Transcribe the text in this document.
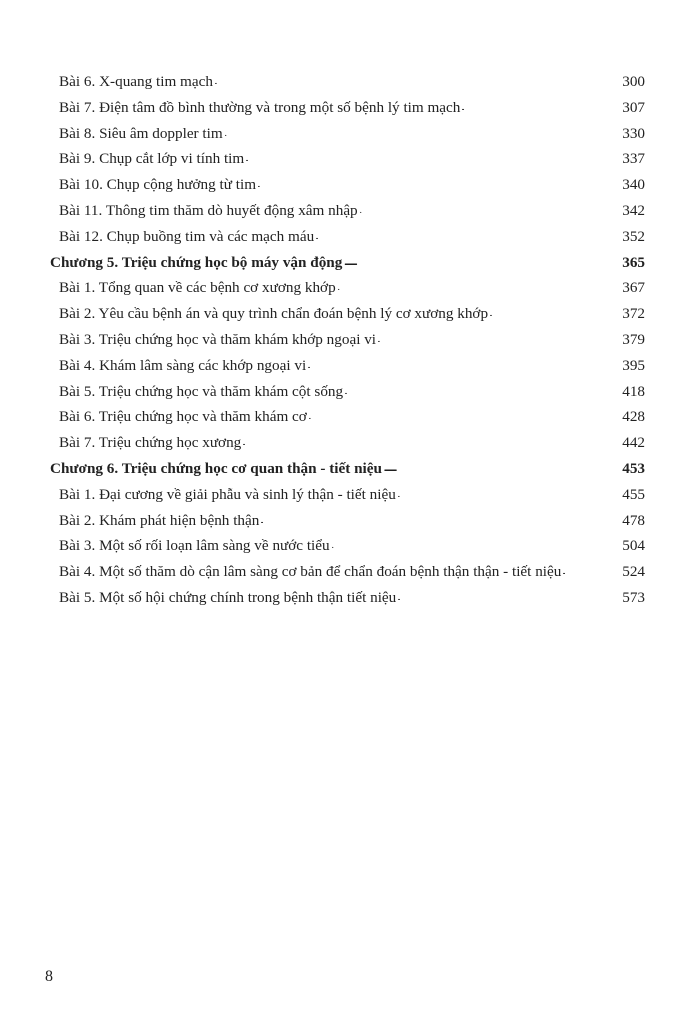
Bài 6. X-quang tim mạch . . .	300
Bài 7. Điện tâm đồ bình thường và trong một số bệnh lý tim mạch . . .	307
Bài 8. Siêu âm doppler tim . . .	330
Bài 9. Chụp cắt lớp vi tính tim . . .	337
Bài 10. Chụp cộng hưởng từ tim . . .	340
Bài 11. Thông tim thăm dò huyết động xâm nhập . . .	342
Bài 12. Chụp buồng tim và các mạch máu . . .	352
Chương 5. Triệu chứng học bộ máy vận động . . .	365
Bài 1. Tổng quan về các bệnh cơ xương khớp . . .	367
Bài 2. Yêu cầu bệnh án và quy trình chẩn đoán bệnh lý cơ xương khớp . . .	372
Bài 3. Triệu chứng học và thăm khám khớp ngoại vi . . .	379
Bài 4. Khám lâm sàng các khớp ngoại vi . . .	395
Bài 5. Triệu chứng học và thăm khám cột sống . . .	418
Bài 6. Triệu chứng học và thăm khám cơ . . .	428
Bài 7. Triệu chứng học xương . . .	442
Chương 6. Triệu chứng học cơ quan thận - tiết niệu . . .	453
Bài 1. Đại cương về giải phẫu và sinh lý thận - tiết niệu . . .	455
Bài 2. Khám phát hiện bệnh thận . . .	478
Bài 3. Một số rối loạn lâm sàng về nước tiểu . . .	504
Bài 4. Một số thăm dò cận lâm sàng cơ bản để chẩn đoán bệnh thận thận - tiết niệu . . .	524
Bài 5. Một số hội chứng chính trong bệnh thận tiết niệu . . .	573
8
